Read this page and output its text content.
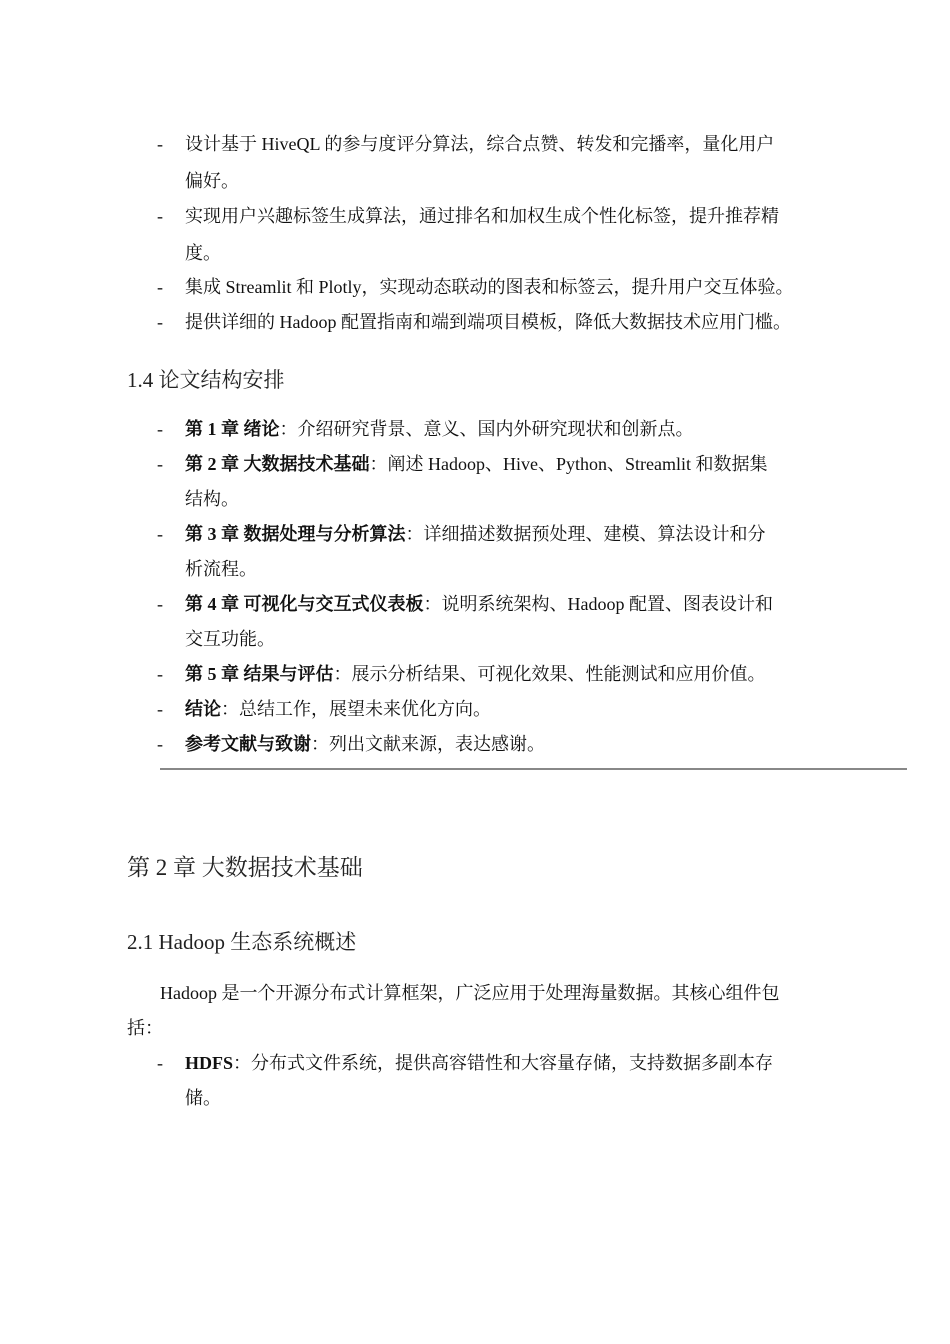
- 设计基于 HiveQL 的参与度评分算法，综合点赞、转发和完播率，量化用户
偏好。
- 实现用户兴趣标签生成算法，通过排名和加权生成个性化标签，提升推荐精
度。
- 集成 Streamlit 和 Plotly，实现动态联动的图表和标签云，提升用户交互体验。
- 提供详细的 Hadoop 配置指南和端到端项目模板，降低大数据技术应用门槛。
1.4 论文结构安排
- 第 1 章 绪论：介绍研究背景、意义、国内外研究现状和创新点。
- 第 2 章 大数据技术基础：阐述 Hadoop、Hive、Python、Streamlit 和数据集
结构。
- 第 3 章 数据处理与分析算法：详细描述数据预处理、建模、算法设计和分
析流程。
- 第 4 章 可视化与交互式仪表板：说明系统架构、Hadoop 配置、图表设计和
交互功能。
- 第 5 章 结果与评估：展示分析结果、可视化效果、性能测试和应用价值。
- 结论：总结工作，展望未来优化方向。
- 参考文献与致谢：列出文献来源，表达感谢。
第 2 章 大数据技术基础
2.1 Hadoop 生态系统概述
Hadoop 是一个开源分布式计算框架，广泛应用于处理海量数据。其核心组件包
括：
- HDFS：分布式文件系统，提供高容错性和大容量存储，支持数据多副本存
储。
